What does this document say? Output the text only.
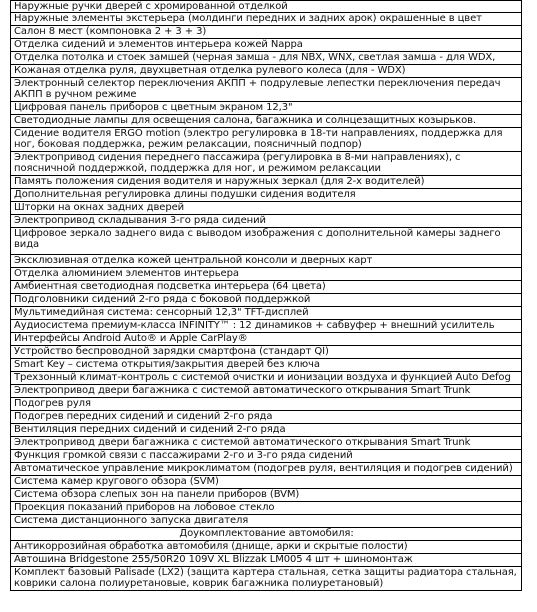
Наружные ручки дверей с хромированной отделкой
Наружные элементы экстерьера (молдинги передних и задних арок) окрашенные в цвет
Салон 8 мест (компоновка 2 + 3 + 3)
Отделка сидений и элементов интерьера кожей Nappa
Отделка потолка и стоек замшей (черная замша - для NBX, WNX, светлая замша - для WDX,
Кожаная отделка руля, двухцветная отделка рулевого колеса (для - WDX)
Электронный селектор переключения АКПП + подрулевые лепестки переключения передач АКПП в ручном режиме
Цифровая панель приборов с цветным экраном 12,3"
Светодиодные лампы для освещения салона, багажника и солнцезащитных козырьков.
Сидение водителя ERGO motion (электро регулировка в 18-ти направлениях, поддержка для ног, боковая поддержка, режим релаксации, поясничный подпор)
Электропривод сидения переднего пассажира (регулировка в 8-ми направлениях), с поясничной поддержкой, поддержка для ног, и режимом релаксации
Память положения сидения водителя и наружных зеркал (для 2-х водителей)
Дополнительная регулировка длины подушки сидения водителя
Шторки на окнах задних дверей
Электропривод складывания 3-го ряда сидений
Цифровое зеркало заднего вида с выводом изображения с дополнительной камеры заднего вида
Эксклюзивная отделка кожей центральной консоли и дверных карт
Отделка алюминием элементов интерьера
Амбиентная светодиодная подсветка интерьера (64 цвета)
Подголовники сидений 2-го ряда с боковой поддержкой
Мультимедийная система: сенсорный 12,3" TFT-дисплей
Аудиосистема премиум-класса INFINITY™ : 12 динамиков + сабвуфер + внешний усилитель
Интерфейсы Android Auto® и Apple CarPlay®
Устройство беспроводной зарядки смартфона (стандарт QI)
Smart Key – система открытия/закрытия дверей без ключа
Трехзонный климат-контроль с системой очистки и ионизации воздуха и функцией Auto Defog
Электропривод двери багажника с системой автоматического открывания Smart Trunk
Подогрев руля
Подогрев передних сидений и сидений 2-го ряда
Вентиляция передних сидений и сидений 2-го ряда
Электропривод двери багажника с системой автоматического открывания Smart Trunk
Функция громкой связи с пассажирами 2-го и 3-го ряда сидений
Автоматическое управление микроклиматом (подогрев руля, вентиляция и подогрев сидений)
Система камер кругового обзора (SVM)
Система обзора слепых зон на панели приборов (BVM)
Проекция показаний приборов на лобовое стекло
Система дистанционного запуска двигателя
Доукомплектование автомобиля:
Антикоррозийная обработка автомобиля (днище, арки и скрытые полости)
Автошина Bridgestone 255/50R20 109V XL Blizzak LM005 4 шт + шиномонтаж
Комплект базовый Palisade (LX2) (защита картера стальная, сетка защиты радиатора стальная, коврики салона полиуретановые, коврик багажника полиуретановый)
